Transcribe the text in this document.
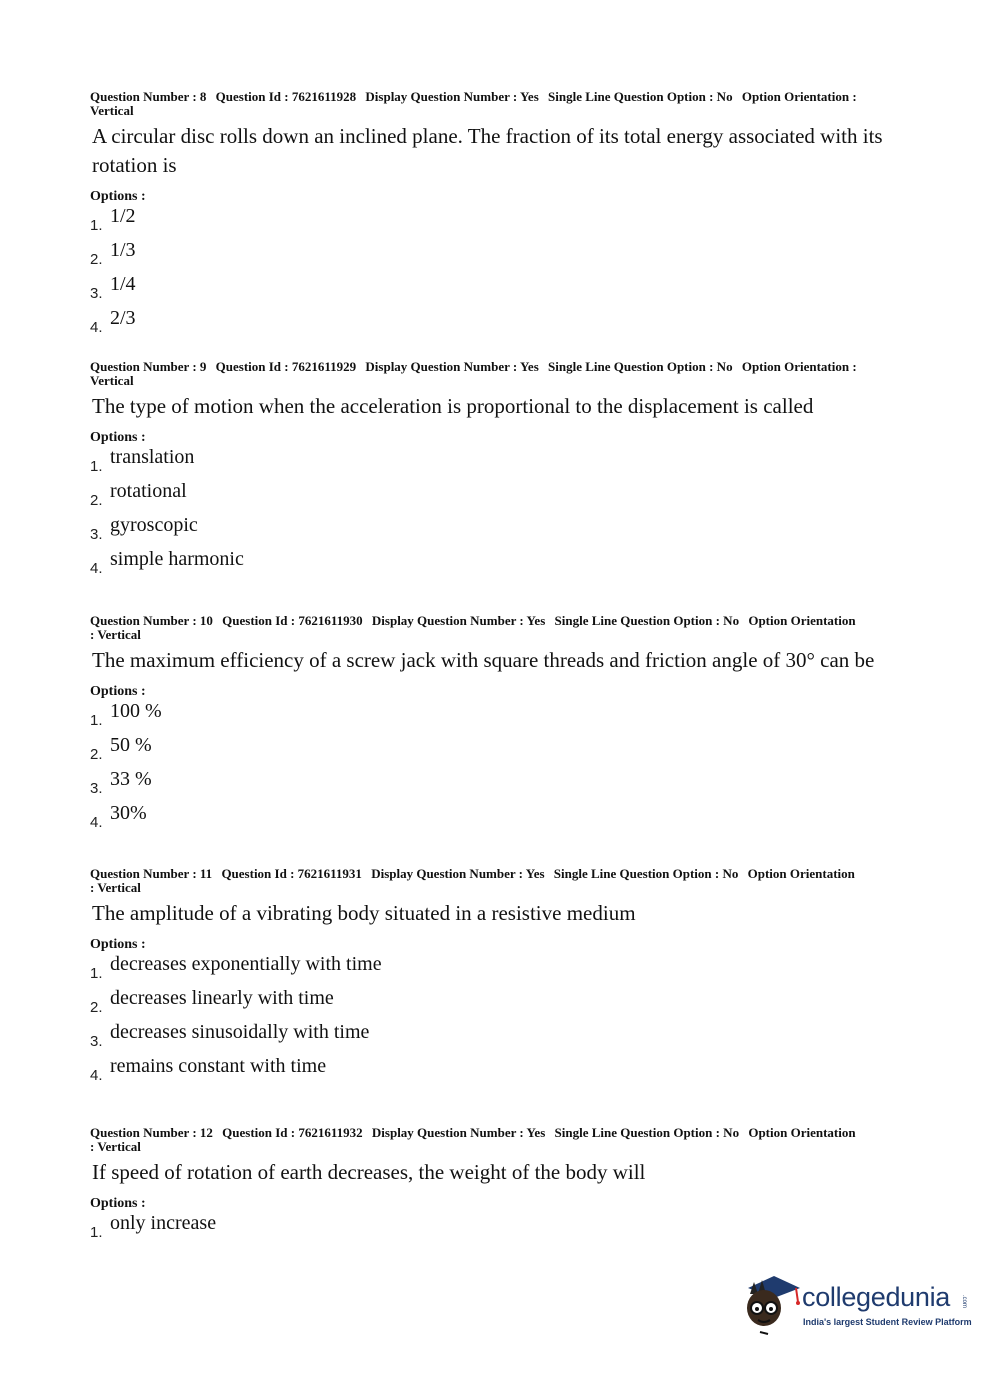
Question Number : 8 Question Id : 7621611928 Display Question Number : Yes Single Line Question Option : No Option Orientation : Vertical
A circular disc rolls down an inclined plane. The fraction of its total energy associated with its rotation is
Options :
1. 1/2
2. 1/3
3. 1/4
4. 2/3
Question Number : 9 Question Id : 7621611929 Display Question Number : Yes Single Line Question Option : No Option Orientation : Vertical
The type of motion when the acceleration is proportional to the displacement is called
Options :
1. translation
2. rotational
3. gyroscopic
4. simple harmonic
Question Number : 10 Question Id : 7621611930 Display Question Number : Yes Single Line Question Option : No Option Orientation : Vertical
The maximum efficiency of a screw jack with square threads and friction angle of 30° can be
Options :
1. 100 %
2. 50 %
3. 33 %
4. 30%
Question Number : 11 Question Id : 7621611931 Display Question Number : Yes Single Line Question Option : No Option Orientation : Vertical
The amplitude of a vibrating body situated in a resistive medium
Options :
1. decreases exponentially with time
2. decreases linearly with time
3. decreases sinusoidally with time
4. remains constant with time
Question Number : 12 Question Id : 7621611932 Display Question Number : Yes Single Line Question Option : No Option Orientation : Vertical
If speed of rotation of earth decreases, the weight of the body will
Options :
1. only increase
collegedunia .com
India's largest Student Review Platform
